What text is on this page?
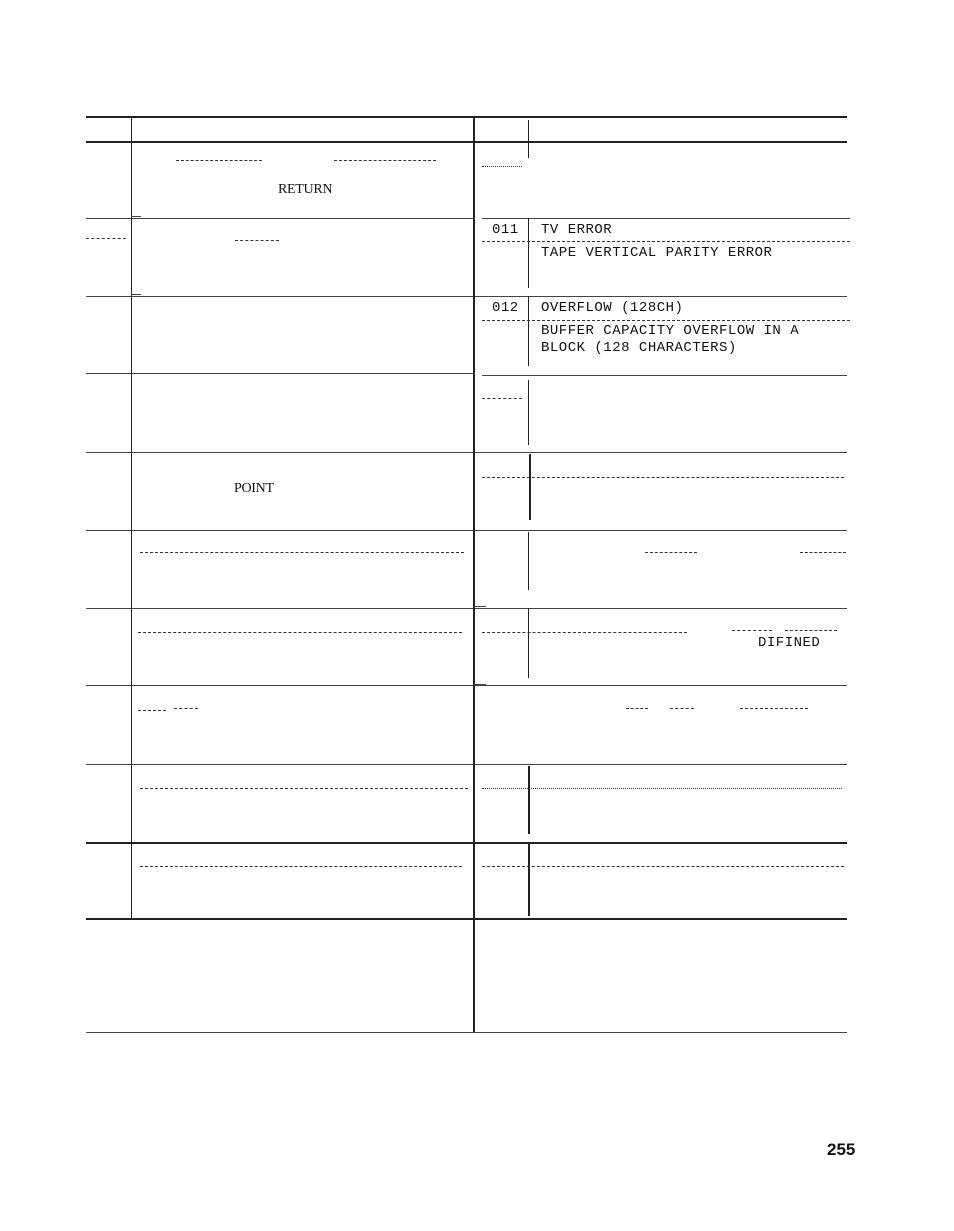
RETURN
011 TV ERROR
TAPE VERTICAL PARITY ERROR
012 OVERFLOW (128CH)
BUFFER CAPACITY OVERFLOW IN A
BLOCK (128 CHARACTERS)
POINT
DIFINED
255
